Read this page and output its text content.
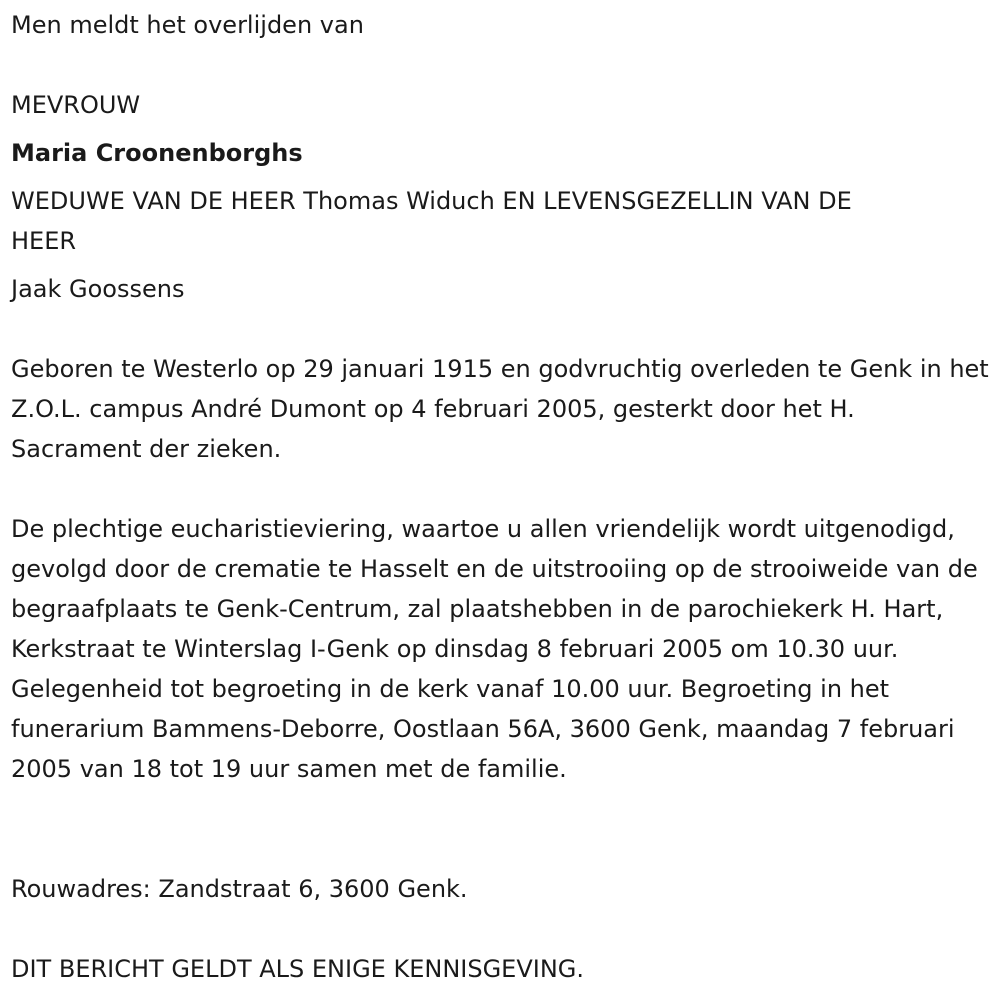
Men meldt het overlijden van

MEVROUW

Maria Croonenborghs

WEDUWE VAN DE HEER Thomas Widuch EN LEVENSGEZELLIN VAN DE

HEER

Jaak Goossens

Geboren te Westerlo op 29 januari 1915 en godvruchtig overleden te Genk in het Z.O.L. campus André Dumont op 4 februari 2005, gesterkt door het H. Sacrament der zieken.

De plechtige eucharistieviering, waartoe u allen vriendelijk wordt uitgenodigd, gevolgd door de crematie te Hasselt en de uitstrooiing op de strooiweide van de begraafplaats te Genk-Centrum, zal plaatshebben in de parochiekerk H. Hart, Kerkstraat te Winterslag I-Genk op dinsdag 8 februari 2005 om 10.30 uur. Gelegenheid tot begroeting in de kerk vanaf 10.00 uur. Begroeting in het funerarium Bammens-Deborre, Oostlaan 56A, 3600 Genk, maandag 7 februari 2005 van 18 tot 19 uur samen met de familie.

Rouwadres: Zandstraat 6, 3600 Genk.

DIT BERICHT GELDT ALS ENIGE KENNISGEVING.
